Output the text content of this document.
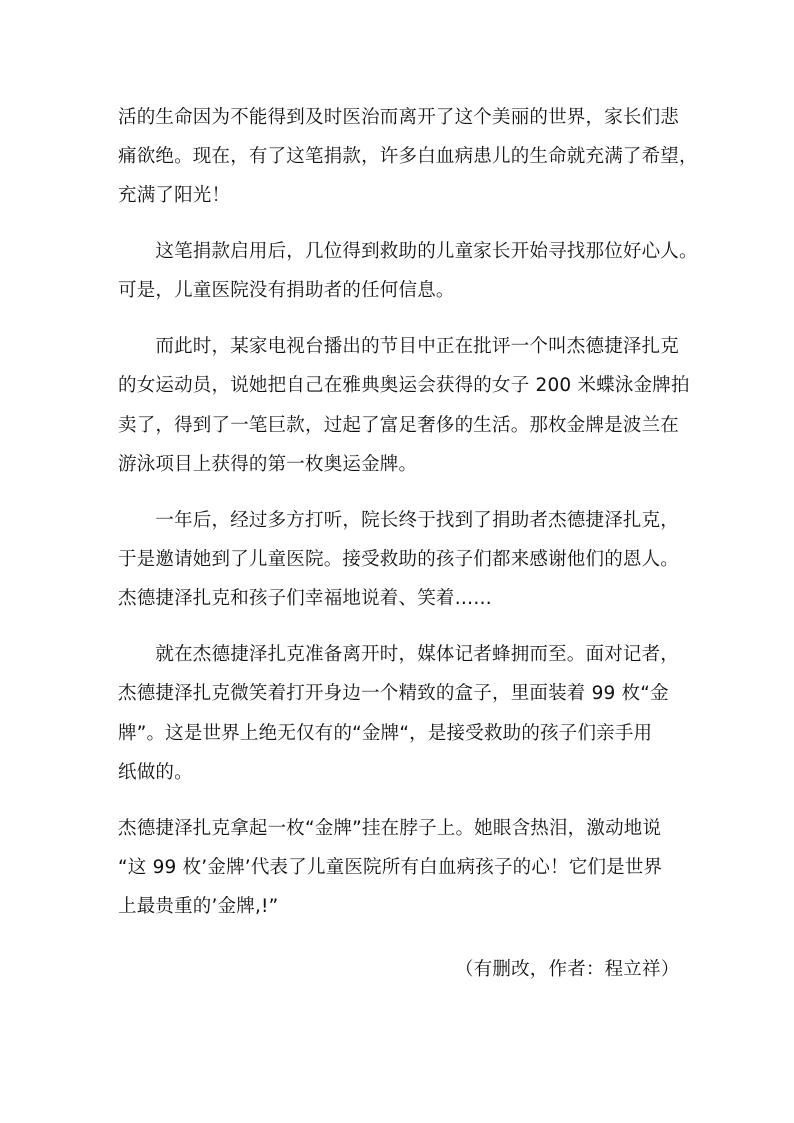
活的生命因为不能得到及时医治而离开了这个美丽的世界，家长们悲
痛欲绝。现在，有了这笔捐款，许多白血病患儿的生命就充满了希望，
充满了阳光！
　　这笔捐款启用后，几位得到救助的儿童家长开始寻找那位好心人。
可是，儿童医院没有捐助者的任何信息。
　　而此时，某家电视台播出的节目中正在批评一个叫杰德捷泽扎克
的女运动员，说她把自己在雅典奥运会获得的女子 200 米蝶泳金牌拍
卖了，得到了一笔巨款，过起了富足奢侈的生活。那枚金牌是波兰在
游泳项目上获得的第一枚奥运金牌。
　　一年后，经过多方打听，院长终于找到了捐助者杰德捷泽扎克，
于是邀请她到了儿童医院。接受救助的孩子们都来感谢他们的恩人。
杰德捷泽扎克和孩子们幸福地说着、笑着……
　　就在杰德捷泽扎克准备离开时，媒体记者蜂拥而至。面对记者，
杰德捷泽扎克微笑着打开身边一个精致的盒子，里面装着 99 枚“金
牌”。这是世界上绝无仅有的“金牌“，是接受救助的孩子们亲手用
纸做的。
杰德捷泽扎克拿起一枚“金牌”挂在脖子上。她眼含热泪，激动地说
“这 99 枚’金牌’代表了儿童医院所有白血病孩子的心！它们是世界
上最贵重的’金牌,!”
（有删改，作者：程立祥）
